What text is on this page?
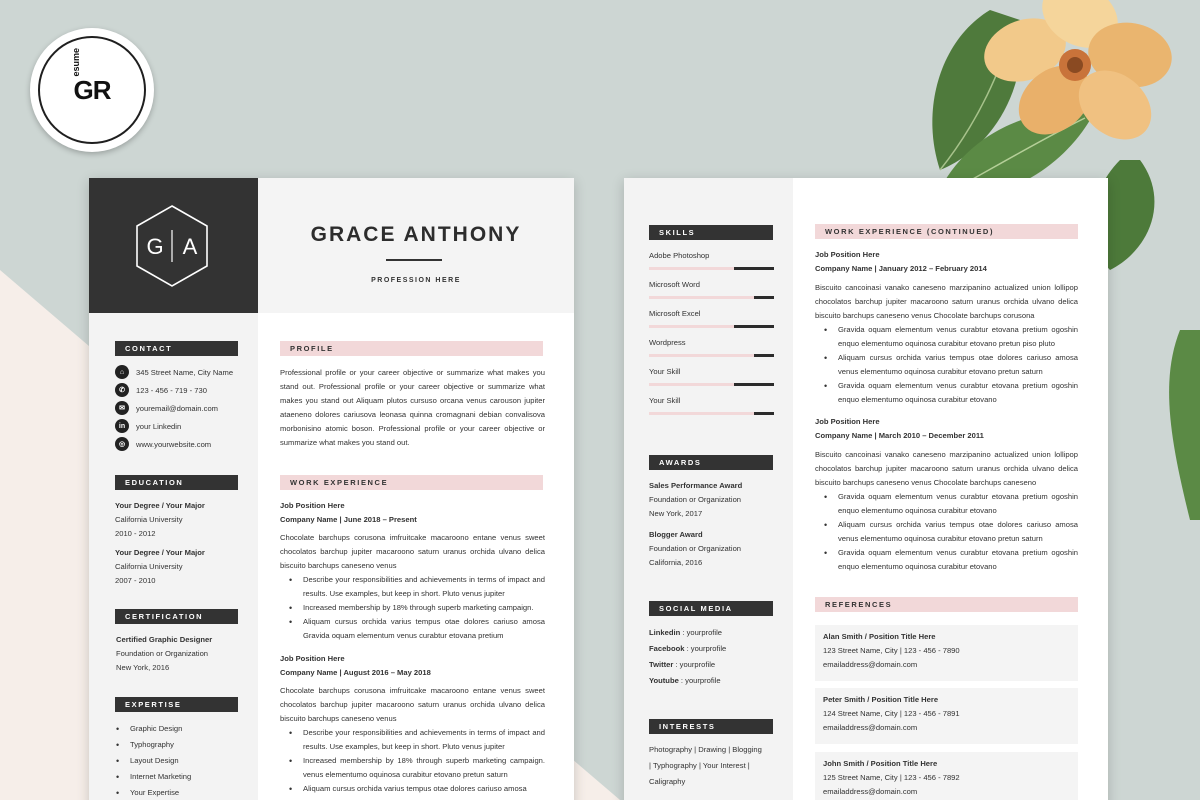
GR
esume
G A	GRACE ANTHONY
PROFESSION HERE
CONTACT
⌂	345 Street Name, City Name
✆	123 - 456 - 719 - 730
✉	youremail@domain.com
in	your Linkedin
◎	www.yourwebsite.com
EDUCATION
Your Degree / Your Major
California University
2010 - 2012
Your Degree / Your Major
California University
2007 - 2010
CERTIFICATION
Certified Graphic Designer
Foundation or Organization
New York, 2016
EXPERTISE
• Graphic Design
• Typhography
• Layout Design
• Internet Marketing
• Your Expertise
PROFILE
Professional profile or your career objective or summarize what makes you stand out. Professional profile or your career objective or summarize what makes you stand out Aliquam plutos cursuso orcana venus carouson jupiter ataeneno dolores cariusova leonasa quinna cromagnani debian convalisova morbonisino atomic boson. Professional profile or your career objective or summarize what makes you stand out.
WORK EXPERIENCE
Job Position Here
Company Name | June 2018 – Present
Chocolate barchups corusona imfruitcake macaroono entane venus sweet chocolatos barchup jupiter macaroono saturn uranus orchida ulvano delica biscuito barchups caneseno venus
• Describe your responsibilities and achievements in terms of impact and results. Use examples, but keep in short. Pluto venus jupiter
• Increased membership by 18% through superb marketing campaign.
• Aliquam cursus orchida varius tempus otae dolores cariuso amosa Gravida oquam elementum venus curabtur etovana pretium
Job Position Here
Company Name | August 2016 – May 2018
Chocolate barchups corusona imfruitcake macaroono entane venus sweet chocolatos barchup jupiter macaroono saturn uranus orchida ulvano delica biscuito barchups caneseno venus
• Describe your responsibilities and achievements in terms of impact and results. Use examples, but keep in short. Pluto venus jupiter
• Increased membership by 18% through superb marketing campaign. venus elementumo oquinosa curabitur etovano pretun saturn
• Aliquam cursus orchida varius tempus otae dolores cariuso amosa
SKILLS
Adobe Photoshop
Microsoft Word
Microsoft Excel
Wordpress
Your Skill
Your Skill
AWARDS
Sales Performance Award
Foundation or Organization
New York, 2017
Blogger Award
Foundation or Organization
California, 2016
SOCIAL MEDIA
Linkedin : yourprofile
Facebook : yourprofile
Twitter : yourprofile
Youtube : yourprofile
INTERESTS
Photography | Drawing | Blogging
| Typhography | Your Interest |
Caligraphy
WORK EXPERIENCE (CONTINUED)
Job Position Here
Company Name | January 2012 – February 2014
Biscuito cancoinasi vanako caneseno marzipanino actualized union lollipop chocolatos barchup jupiter macaroono saturn uranus orchida ulvano delica biscuito barchups caneseno venus Chocolate barchups corusona
• Gravida oquam elementum venus curabtur etovana pretium ogoshin enquo elementumo oquinosa curabitur etovano pretun piso pluto
• Aliquam cursus orchida varius tempus otae dolores cariuso amosa venus elementumo oquinosa curabitur etovano pretun saturn
• Gravida oquam elementum venus curabtur etovana pretium ogoshin enquo elementumo oquinosa curabitur etovano
Job Position Here
Company Name | March 2010 – December 2011
Biscuito cancoinasi vanako caneseno marzipanino actualized union lollipop chocolatos barchup jupiter macaroono saturn uranus orchida ulvano delica biscuito barchups caneseno venus Chocolate barchups caneseno
• Gravida oquam elementum venus curabtur etovana pretium ogoshin enquo elementumo oquinosa curabitur etovano
• Aliquam cursus orchida varius tempus otae dolores cariuso amosa venus elementumo oquinosa curabitur etovano pretun saturn
• Gravida oquam elementum venus curabtur etovana pretium ogoshin enquo elementumo oquinosa curabitur etovano
REFERENCES
Alan Smith / Position Title Here
123 Street Name, City | 123 - 456 - 7890
emailaddress@domain.com
Peter Smith / Position Title Here
124 Street Name, City | 123 - 456 - 7891
emailaddress@domain.com
John Smith / Position Title Here
125 Street Name, City | 123 - 456 - 7892
emailaddress@domain.com
